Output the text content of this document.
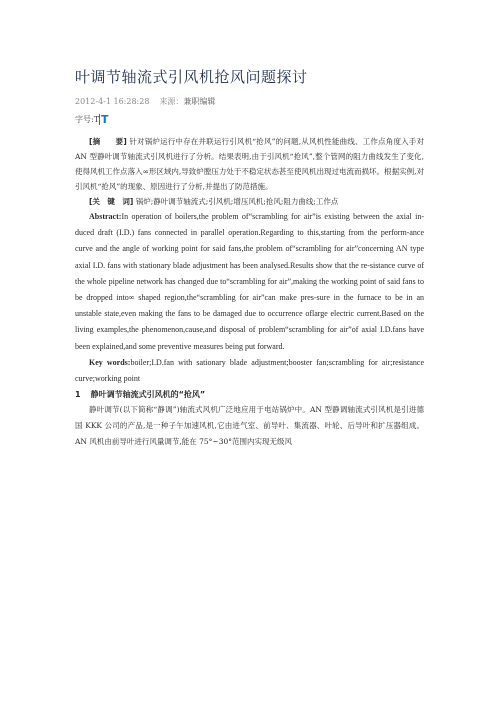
叶调节轴流式引风机抢风问题探讨
2012-4-1 16:28:28 来源：兼职编辑
字号:T T

[摘　　要] 针对锅炉运行中存在并联运行引风机“抢风”的问题,从风机性能曲线、工作点角度入手对 AN 型静叶调节轴流式引风机进行了分析。结果表明,由于引风机“抢风”,整个管网的阻力曲线发生了变化,使得风机工作点落入∞形区域内,导致炉膛压力处于不稳定状态甚至使风机出现过电流而损坏。根据实例,对引风机“抢风”的现象、原因进行了分析,并提出了防范措施。

[关　键　词] 锅炉;静叶调节轴流式;引风机;增压风机;抢风;阻力曲线;工作点

Abstract:In operation of boilers,the problem of“scrambling for air”is existing between the axial in-duced draft (I.D.) fans connected in parallel operation.Regarding to this,starting from the perform-ance curve and the angle of working point for said fans,the problem of“scrambling for air”concerning AN type axial I.D. fans with stationary blade adjustment has been analysed.Results show that the re-sistance curve of the whole pipeline network has changed due to“scrambling for air”,making the working point of said fans to be dropped into∞ shaped region,the“scrambling for air”can make pres-sure in the furnace to be in an unstable state,even making the fans to be damaged due to occurrence oflarge electric current.Based on the living examples,the phenomenon,cause,and disposal of problem“scrambling for air”of axial I.D.fans have been explained,and some preventive measures being put forward.

Key words:boiler;I.D.fan with sationary blade adjustment;booster fan;scrambling for air;resistance curve;working point

1 静叶调节轴流式引风机的“抢风”

静叶调节(以下简称“静调”)轴流式风机广泛地应用于电站锅炉中。AN 型静调轴流式引风机是引进德国 KKK 公司的产品,是一种子午加速风机,它由进气室、前导叶、集流器、叶轮、后导叶和扩压器组成。AN 风机由前导叶进行风量调节,能在 75°~30°范围内实现无级风
